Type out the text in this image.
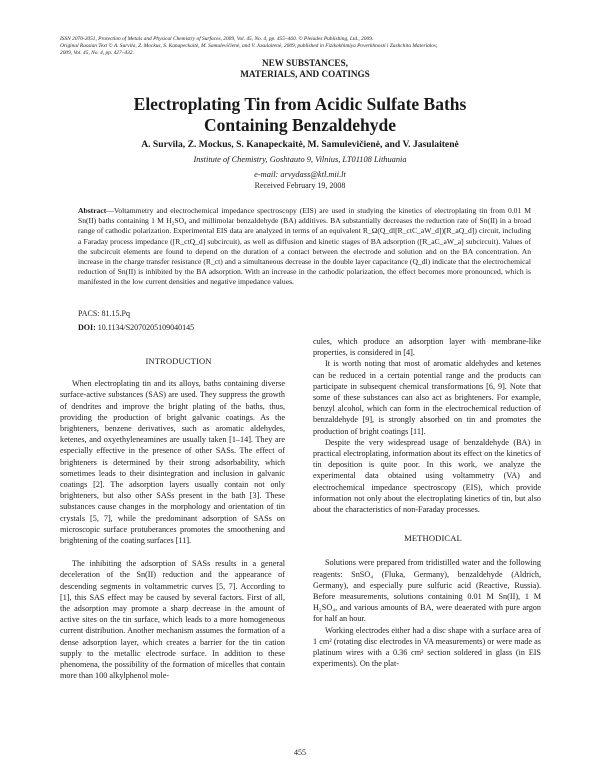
ISSN 2070-2051, Protection of Metals and Physical Chemistry of Surfaces, 2009, Vol. 45, No. 4, pp. 455–460. © Pleiades Publishing, Ltd., 2009.
Original Russian Text © A. Survila, Z. Mockus, S. Kanapeckaitė, M. Samulevičienė, and V. Jasulaitenė, 2009, published in Fizikokhimiya Poverkhnosti i Zashchita Materialov,
2009, Vol. 45, No. 4, pp. 427–432.
NEW SUBSTANCES,
MATERIALS, AND COATINGS
Electroplating Tin from Acidic Sulfate Baths
Containing Benzaldehyde
A. Survila, Z. Mockus, S. Kanapeckaitė, M. Samulevičienė, and V. Jasulaitenė
Institute of Chemistry, Goshtauto 9, Vilnius, LT01108 Lithuania
e-mail: arvydass@ktl.mii.lt
Received February 19, 2008
Abstract—Voltammetry and electrochemical impedance spectroscopy (EIS) are used in studying the kinetics of electroplating tin from 0.01 M Sn(II) baths containing 1 M H₂SO₄ and millimolar benzaldehyde (BA) additives. BA substantially decreases the reduction rate of Sn(II) in a broad range of cathodic polarization. Experimental EIS data are analyzed in terms of an equivalent R_Ω(Q_dl[R_ctC_aW_d])[R_aQ_d]) circuit, including a Faraday process impedance ([R_ctQ_d] subcircuit), as well as diffusion and kinetic stages of BA adsorption ([R_aC_aW_a] subcircuit). Values of the subcircuit elements are found to depend on the duration of a contact between the electrode and solution and on the BA concentration. An increase in the charge transfer resistance (R_ct) and a simultaneous decrease in the double layer capacitance (Q_dl) indicate that the electrochemical reduction of Sn(II) is inhibited by the BA adsorption. With an increase in the cathodic polarization, the effect becomes more pronounced, which is manifested in the low current densities and negative impedance values.
PACS: 81.15.Pq
DOI: 10.1134/S2070205109040145

INTRODUCTION

When electroplating tin and its alloys, baths containing diverse surface-active substances (SAS) are used. They suppress the growth of dendrites and improve the bright plating of the baths, thus, providing the production of bright galvanic coatings. As the brighteners, benzene derivatives, such as aromatic aldehydes, ketenes, and oxyethyleneamines are usually taken [1–14]. They are especially effective in the presence of other SASs. The effect of brighteners is determined by their strong adsorbability, which sometimes leads to their disintegration and inclusion in galvanic coatings [2]. The adsorption layers usually contain not only brighteners, but also other SASs present in the bath [3]. These substances cause changes in the morphology and orientation of tin crystals [5, 7], while the predominant adsorption of SASs on microscopic surface protuberances promotes the smoothening and brightening of the coating surfaces [11].

The inhibiting the adsorption of SASs results in a general deceleration of the Sn(II) reduction and the appearance of descending segments in voltammetric curves [5, 7]. According to [1], this SAS effect may be caused by several factors. First of all, the adsorption may promote a sharp decrease in the amount of active sites on the tin surface, which leads to a more homogeneous current distribution. Another mechanism assumes the formation of a dense adsorption layer, which creates a barrier for the tin cation supply to the metallic electrode surface. In addition to these phenomena, the possibility of the formation of micelles that contain more than 100 alkylphenol mole-

cules, which produce an adsorption layer with membrane-like properties, is considered in [4].

It is worth noting that most of aromatic aldehydes and ketenes can be reduced in a certain potential range and the products can participate in subsequent chemical transformations [6, 9]. Note that some of these substances can also act as brighteners. For example, benzyl alcohol, which can form in the electrochemical reduction of benzaldehyde [9], is strongly absorbed on tin and promotes the production of bright coatings [11].

Despite the very widespread usage of benzaldehyde (BA) in practical electroplating, information about its effect on the kinetics of tin deposition is quite poor. In this work, we analyze the experimental data obtained using voltammetry (VA) and electrochemical impedance spectroscopy (EIS), which provide information not only about the electroplating kinetics of tin, but also about the characteristics of non-Faraday processes.

METHODICAL

Solutions were prepared from tridistilled water and the following reagents: SnSO₄ (Fluka, Germany), benzaldehyde (Aldrich, Germany), and especially pure sulfuric acid (Reactive, Russia). Before measurements, solutions containing 0.01 M Sn(II), 1 M H₂SO₄, and various amounts of BA, were deaerated with pure argon for half an hour.

Working electrodes either had a disc shape with a surface area of 1 cm² (rotating disc electrodes in VA measurements) or were made as platinum wires with a 0.36 cm² section soldered in glass (in EIS experiments). On the plat-

455
